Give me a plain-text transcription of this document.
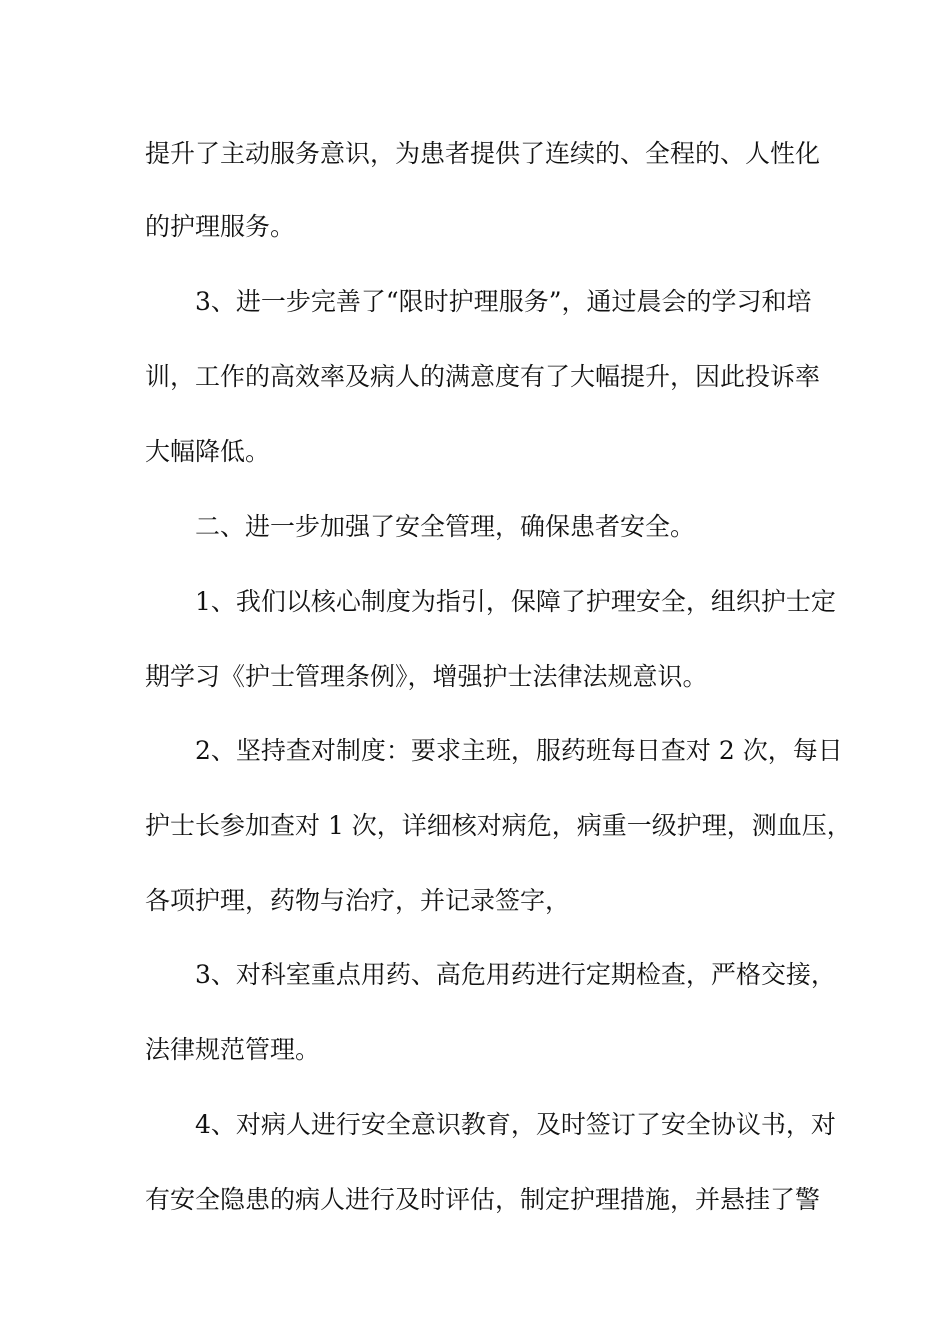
提升了主动服务意识，为患者提供了连续的、全程的、人性化
的护理服务。
3、进一步完善了“限时护理服务”，通过晨会的学习和培
训，工作的高效率及病人的满意度有了大幅提升，因此投诉率
大幅降低。
二、进一步加强了安全管理，确保患者安全。
1、我们以核心制度为指引，保障了护理安全，组织护士定
期学习《护士管理条例》，增强护士法律法规意识。
2、坚持查对制度：要求主班，服药班每日查对 2 次，每日
护士长参加查对 1 次，详细核对病危，病重一级护理，测血压，
各项护理，药物与治疗，并记录签字，
3、对科室重点用药、高危用药进行定期检查，严格交接，
法律规范管理。
4、对病人进行安全意识教育，及时签订了安全协议书，对
有安全隐患的病人进行及时评估，制定护理措施，并悬挂了警
